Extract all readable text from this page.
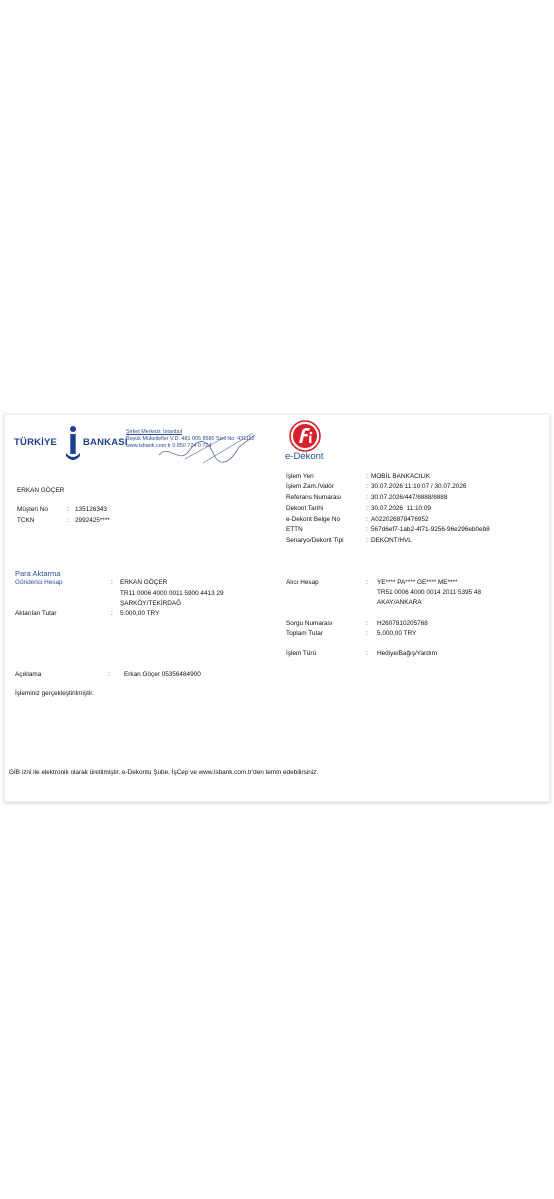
TÜRKİYE	BANKASI
Şirket Merkezi: İstanbul
Büyük Mükellefler V.D. 481 005 8580 Sicil No: 431112
www.isbank.com.tr 0 850 724 0 724
e-Dekont
ERKAN GÖÇER
Müşteri No	: 135126343
TCKN	: 2992425****
İşlem Yeri	: MOBİL BANKACILIK
İşlem Zam./Valör	: 30.07.2026 11:10:07 / 30.07.2026
Referans Numarası	: 30.07.2026/447/8888/8888
Dekont Tarihi	: 30.07.2026  11:10:09
e-Dekont Belge No	: A022026878476952
ETTN	: 567d6ef7-1ab2-4f71-9256-96e296eb0eb8
Senaryo/Dekont Tipi	: DEKONT/HVL
Para Aktarma
Gönderici Hesap	: ERKAN GÖÇER
TR11 0006 4000 0011 5900 4413 29
ŞARKÖY/TEKİRDAĞ
Aktarılan Tutar	: 5.000,00 TRY
Alıcı Hesap	: YE**** PA**** GE**** ME****
TR51 0006 4000 0014 2011 5395 48
AKAY/ANKARA
Sorgu Numarası	: H2607810205768
Toplam Tutar	: 5.000,00 TRY
İşlem Türü	: Hediye/Bağış/Yardım
Açıklama	: Erkan Göçer 05356484900
İşleminiz gerçekleştirilmiştir.
GİB izni ile elektronik olarak üretilmiştir. e-Dekontu Şube, İşCep ve www.isbank.com.tr'den temin edebilirsiniz.
